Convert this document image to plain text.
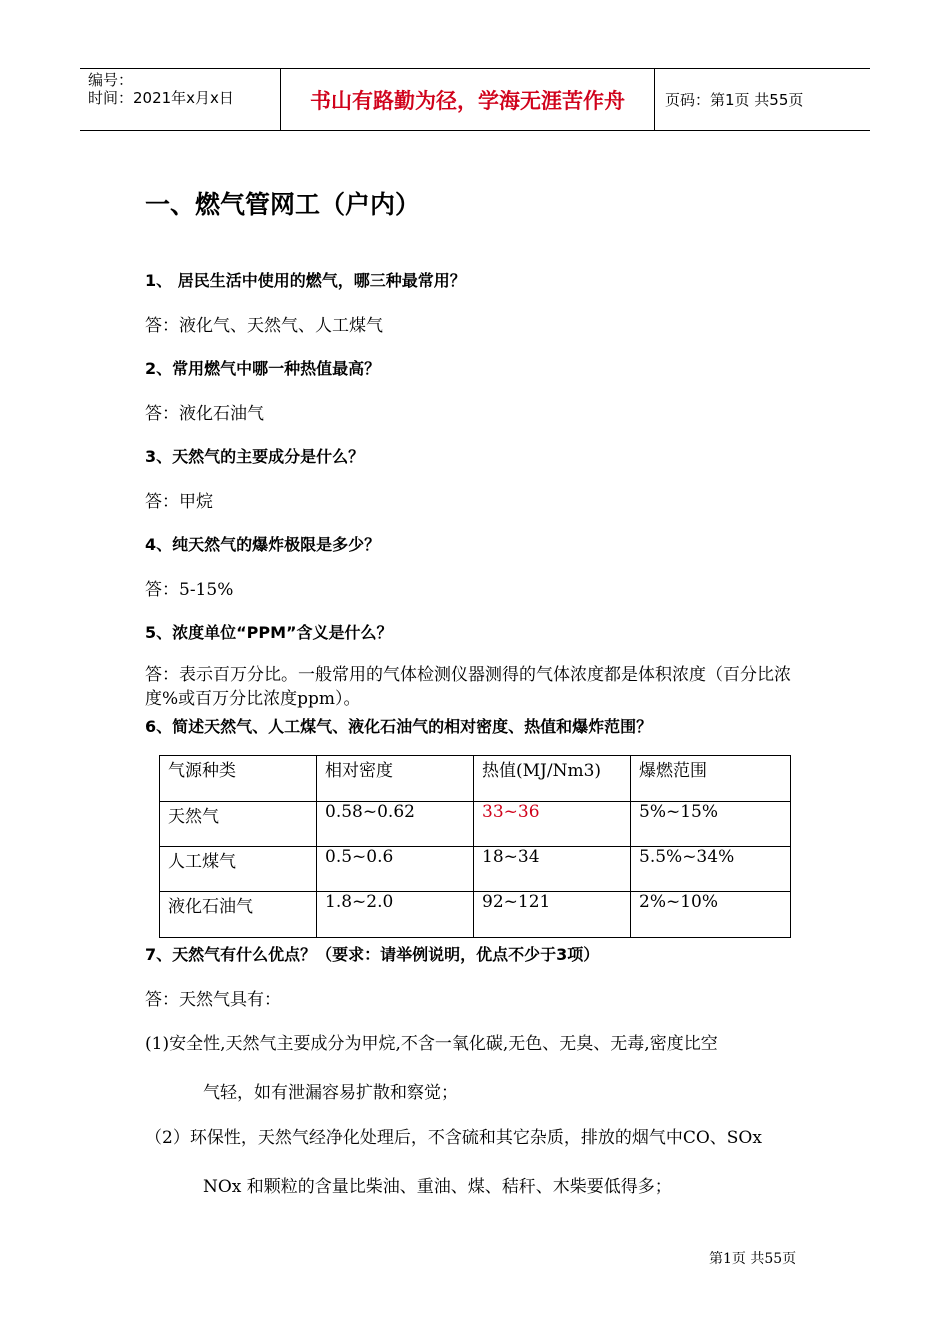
编号：
时间：2021年x月x日	书山有路勤为径，学海无涯苦作舟	页码：第1页 共55页
一、燃气管网工（户内）
1、 居民生活中使用的燃气，哪三种最常用？
答：液化气、天然气、人工煤气
2、常用燃气中哪一种热值最高？
答：液化石油气
3、天然气的主要成分是什么？
答：甲烷
4、纯天然气的爆炸极限是多少？
答：5-15%
5、浓度单位“PPM”含义是什么？
答：表示百万分比。一般常用的气体检测仪器测得的气体浓度都是体积浓度（百分比浓度%或百万分比浓度ppm）。
6、简述天然气、人工煤气、液化石油气的相对密度、热值和爆炸范围？
气源种类	相对密度	热值(MJ/Nm3)	爆燃范围
天然气	0.58~0.62	33~36	5%~15%
人工煤气	0.5~0.6	18~34	5.5%~34%
液化石油气	1.8~2.0	92~121	2%~10%
7、天然气有什么优点？（要求：请举例说明，优点不少于3项）
答：天然气具有：
(1)安全性,天然气主要成分为甲烷,不含一氧化碳,无色、无臭、无毒,密度比空
气轻，如有泄漏容易扩散和察觉；
（2）环保性，天然气经净化处理后，不含硫和其它杂质，排放的烟气中CO、SOx
NOx 和颗粒的含量比柴油、重油、煤、秸秆、木柴要低得多；
第1页 共55页
